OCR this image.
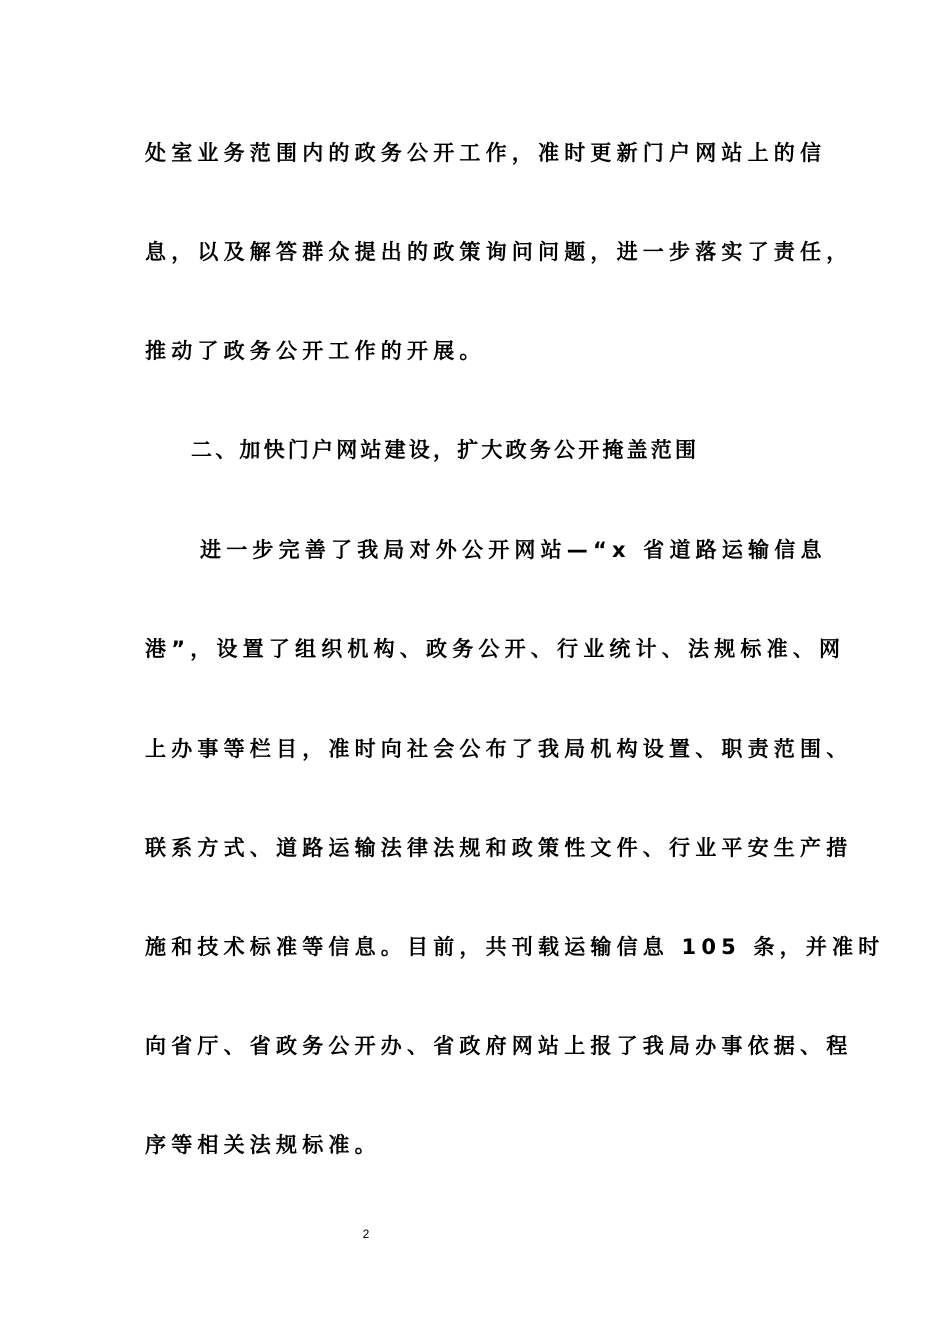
处室业务范围内的政务公开工作，准时更新门户网站上的信
息，以及解答群众提出的政策询问问题，进一步落实了责任，
推动了政务公开工作的开展。
二、加快门户网站建设，扩大政务公开掩盖范围
进一步完善了我局对外公开网站—“x 省道路运输信息
港”，设置了组织机构、政务公开、行业统计、法规标准、网
上办事等栏目，准时向社会公布了我局机构设置、职责范围、
联系方式、道路运输法律法规和政策性文件、行业平安生产措
施和技术标准等信息。目前，共刊载运输信息 105 条，并准时
向省厅、省政务公开办、省政府网站上报了我局办事依据、程
序等相关法规标准。
2
